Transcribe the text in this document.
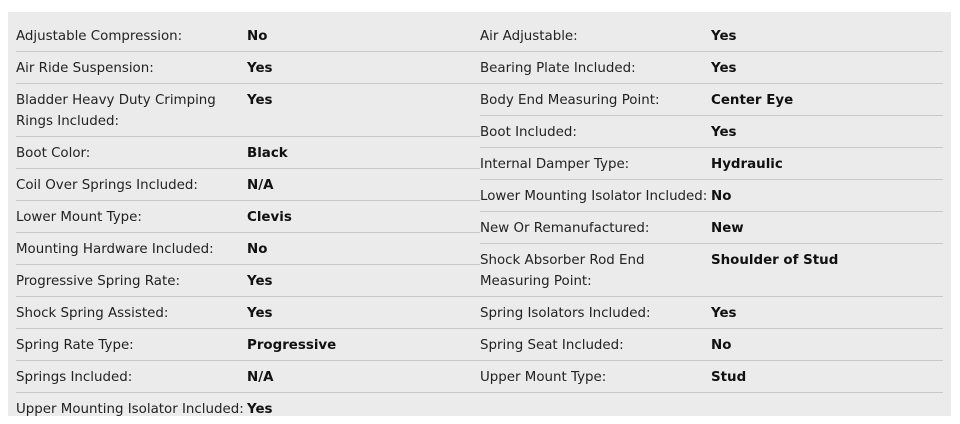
Adjustable Compression:	No
Air Ride Suspension:	Yes
Bladder Heavy Duty Crimping Rings Included:
Yes
Boot Color:	Black
Coil Over Springs Included:	N/A
Lower Mount Type:	Clevis
Mounting Hardware Included:	No
Progressive Spring Rate:	Yes
Shock Spring Assisted:	Yes
Spring Rate Type:	Progressive
Springs Included:	N/A
Upper Mounting Isolator Included: Yes
Air Adjustable:	Yes
Bearing Plate Included:	Yes
Body End Measuring Point:	Center Eye
Boot Included:	Yes
Internal Damper Type:	Hydraulic
Lower Mounting Isolator Included: No
New Or Remanufactured:	New
Shock Absorber Rod End Measuring Point:
Shoulder of Stud
Spring Isolators Included:	Yes
Spring Seat Included:	No
Upper Mount Type:	Stud
